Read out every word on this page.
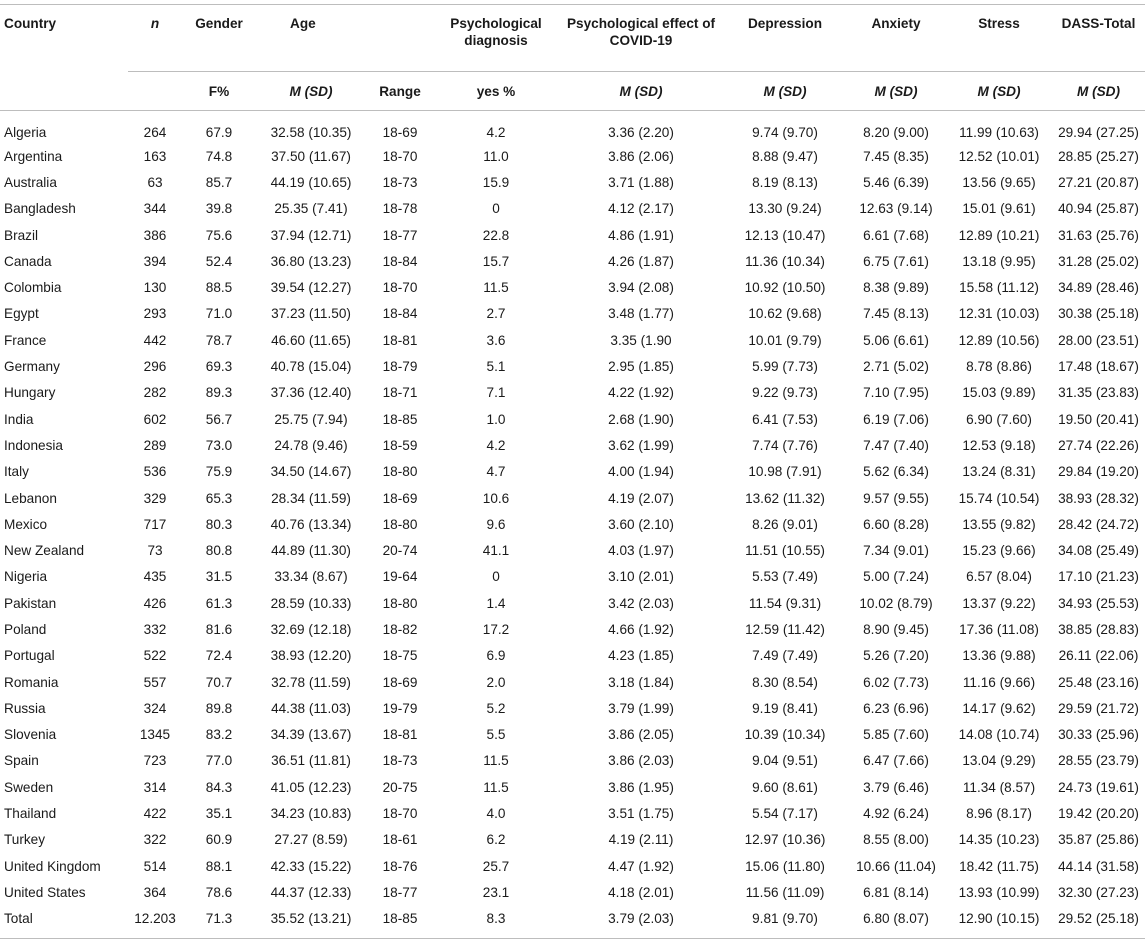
Country	n	Gender	Age		Psychological diagnosis	Psychological effect of COVID-19	Depression	Anxiety	Stress	DASS-Total
		F%	M (SD)	Range	yes %	M (SD)	M (SD)	M (SD)	M (SD)	M (SD)
Algeria	264	67.9	32.58 (10.35)	18-69	4.2	3.36 (2.20)	9.74 (9.70)	8.20 (9.00)	11.99 (10.63)	29.94 (27.25)
Argentina	163	74.8	37.50 (11.67)	18-70	11.0	3.86 (2.06)	8.88 (9.47)	7.45 (8.35)	12.52 (10.01)	28.85 (25.27)
Australia	63	85.7	44.19 (10.65)	18-73	15.9	3.71 (1.88)	8.19 (8.13)	5.46 (6.39)	13.56 (9.65)	27.21 (20.87)
Bangladesh	344	39.8	25.35 (7.41)	18-78	0	4.12 (2.17)	13.30 (9.24)	12.63 (9.14)	15.01 (9.61)	40.94 (25.87)
Brazil	386	75.6	37.94 (12.71)	18-77	22.8	4.86 (1.91)	12.13 (10.47)	6.61 (7.68)	12.89 (10.21)	31.63 (25.76)
Canada	394	52.4	36.80 (13.23)	18-84	15.7	4.26 (1.87)	11.36 (10.34)	6.75 (7.61)	13.18 (9.95)	31.28 (25.02)
Colombia	130	88.5	39.54 (12.27)	18-70	11.5	3.94 (2.08)	10.92 (10.50)	8.38 (9.89)	15.58 (11.12)	34.89 (28.46)
Egypt	293	71.0	37.23 (11.50)	18-84	2.7	3.48 (1.77)	10.62 (9.68)	7.45 (8.13)	12.31 (10.03)	30.38 (25.18)
France	442	78.7	46.60 (11.65)	18-81	3.6	3.35 (1.90	10.01 (9.79)	5.06 (6.61)	12.89 (10.56)	28.00 (23.51)
Germany	296	69.3	40.78 (15.04)	18-79	5.1	2.95 (1.85)	5.99 (7.73)	2.71 (5.02)	8.78 (8.86)	17.48 (18.67)
Hungary	282	89.3	37.36 (12.40)	18-71	7.1	4.22 (1.92)	9.22 (9.73)	7.10 (7.95)	15.03 (9.89)	31.35 (23.83)
India	602	56.7	25.75 (7.94)	18-85	1.0	2.68 (1.90)	6.41 (7.53)	6.19 (7.06)	6.90 (7.60)	19.50 (20.41)
Indonesia	289	73.0	24.78 (9.46)	18-59	4.2	3.62 (1.99)	7.74 (7.76)	7.47 (7.40)	12.53 (9.18)	27.74 (22.26)
Italy	536	75.9	34.50 (14.67)	18-80	4.7	4.00 (1.94)	10.98 (7.91)	5.62 (6.34)	13.24 (8.31)	29.84 (19.20)
Lebanon	329	65.3	28.34 (11.59)	18-69	10.6	4.19 (2.07)	13.62 (11.32)	9.57 (9.55)	15.74 (10.54)	38.93 (28.32)
Mexico	717	80.3	40.76 (13.34)	18-80	9.6	3.60 (2.10)	8.26 (9.01)	6.60 (8.28)	13.55 (9.82)	28.42 (24.72)
New Zealand	73	80.8	44.89 (11.30)	20-74	41.1	4.03 (1.97)	11.51 (10.55)	7.34 (9.01)	15.23 (9.66)	34.08 (25.49)
Nigeria	435	31.5	33.34 (8.67)	19-64	0	3.10 (2.01)	5.53 (7.49)	5.00 (7.24)	6.57 (8.04)	17.10 (21.23)
Pakistan	426	61.3	28.59 (10.33)	18-80	1.4	3.42 (2.03)	11.54 (9.31)	10.02 (8.79)	13.37 (9.22)	34.93 (25.53)
Poland	332	81.6	32.69 (12.18)	18-82	17.2	4.66 (1.92)	12.59 (11.42)	8.90 (9.45)	17.36 (11.08)	38.85 (28.83)
Portugal	522	72.4	38.93 (12.20)	18-75	6.9	4.23 (1.85)	7.49 (7.49)	5.26 (7.20)	13.36 (9.88)	26.11 (22.06)
Romania	557	70.7	32.78 (11.59)	18-69	2.0	3.18 (1.84)	8.30 (8.54)	6.02 (7.73)	11.16 (9.66)	25.48 (23.16)
Russia	324	89.8	44.38 (11.03)	19-79	5.2	3.79 (1.99)	9.19 (8.41)	6.23 (6.96)	14.17 (9.62)	29.59 (21.72)
Slovenia	1345	83.2	34.39 (13.67)	18-81	5.5	3.86 (2.05)	10.39 (10.34)	5.85 (7.60)	14.08 (10.74)	30.33 (25.96)
Spain	723	77.0	36.51 (11.81)	18-73	11.5	3.86 (2.03)	9.04 (9.51)	6.47 (7.66)	13.04 (9.29)	28.55 (23.79)
Sweden	314	84.3	41.05 (12.23)	20-75	11.5	3.86 (1.95)	9.60 (8.61)	3.79 (6.46)	11.34 (8.57)	24.73 (19.61)
Thailand	422	35.1	34.23 (10.83)	18-70	4.0	3.51 (1.75)	5.54 (7.17)	4.92 (6.24)	8.96 (8.17)	19.42 (20.20)
Turkey	322	60.9	27.27 (8.59)	18-61	6.2	4.19 (2.11)	12.97 (10.36)	8.55 (8.00)	14.35 (10.23)	35.87 (25.86)
United Kingdom	514	88.1	42.33 (15.22)	18-76	25.7	4.47 (1.92)	15.06 (11.80)	10.66 (11.04)	18.42 (11.75)	44.14 (31.58)
United States	364	78.6	44.37 (12.33)	18-77	23.1	4.18 (2.01)	11.56 (11.09)	6.81 (8.14)	13.93 (10.99)	32.30 (27.23)
Total	12.203	71.3	35.52 (13.21)	18-85	8.3	3.79 (2.03)	9.81 (9.70)	6.80 (8.07)	12.90 (10.15)	29.52 (25.18)
